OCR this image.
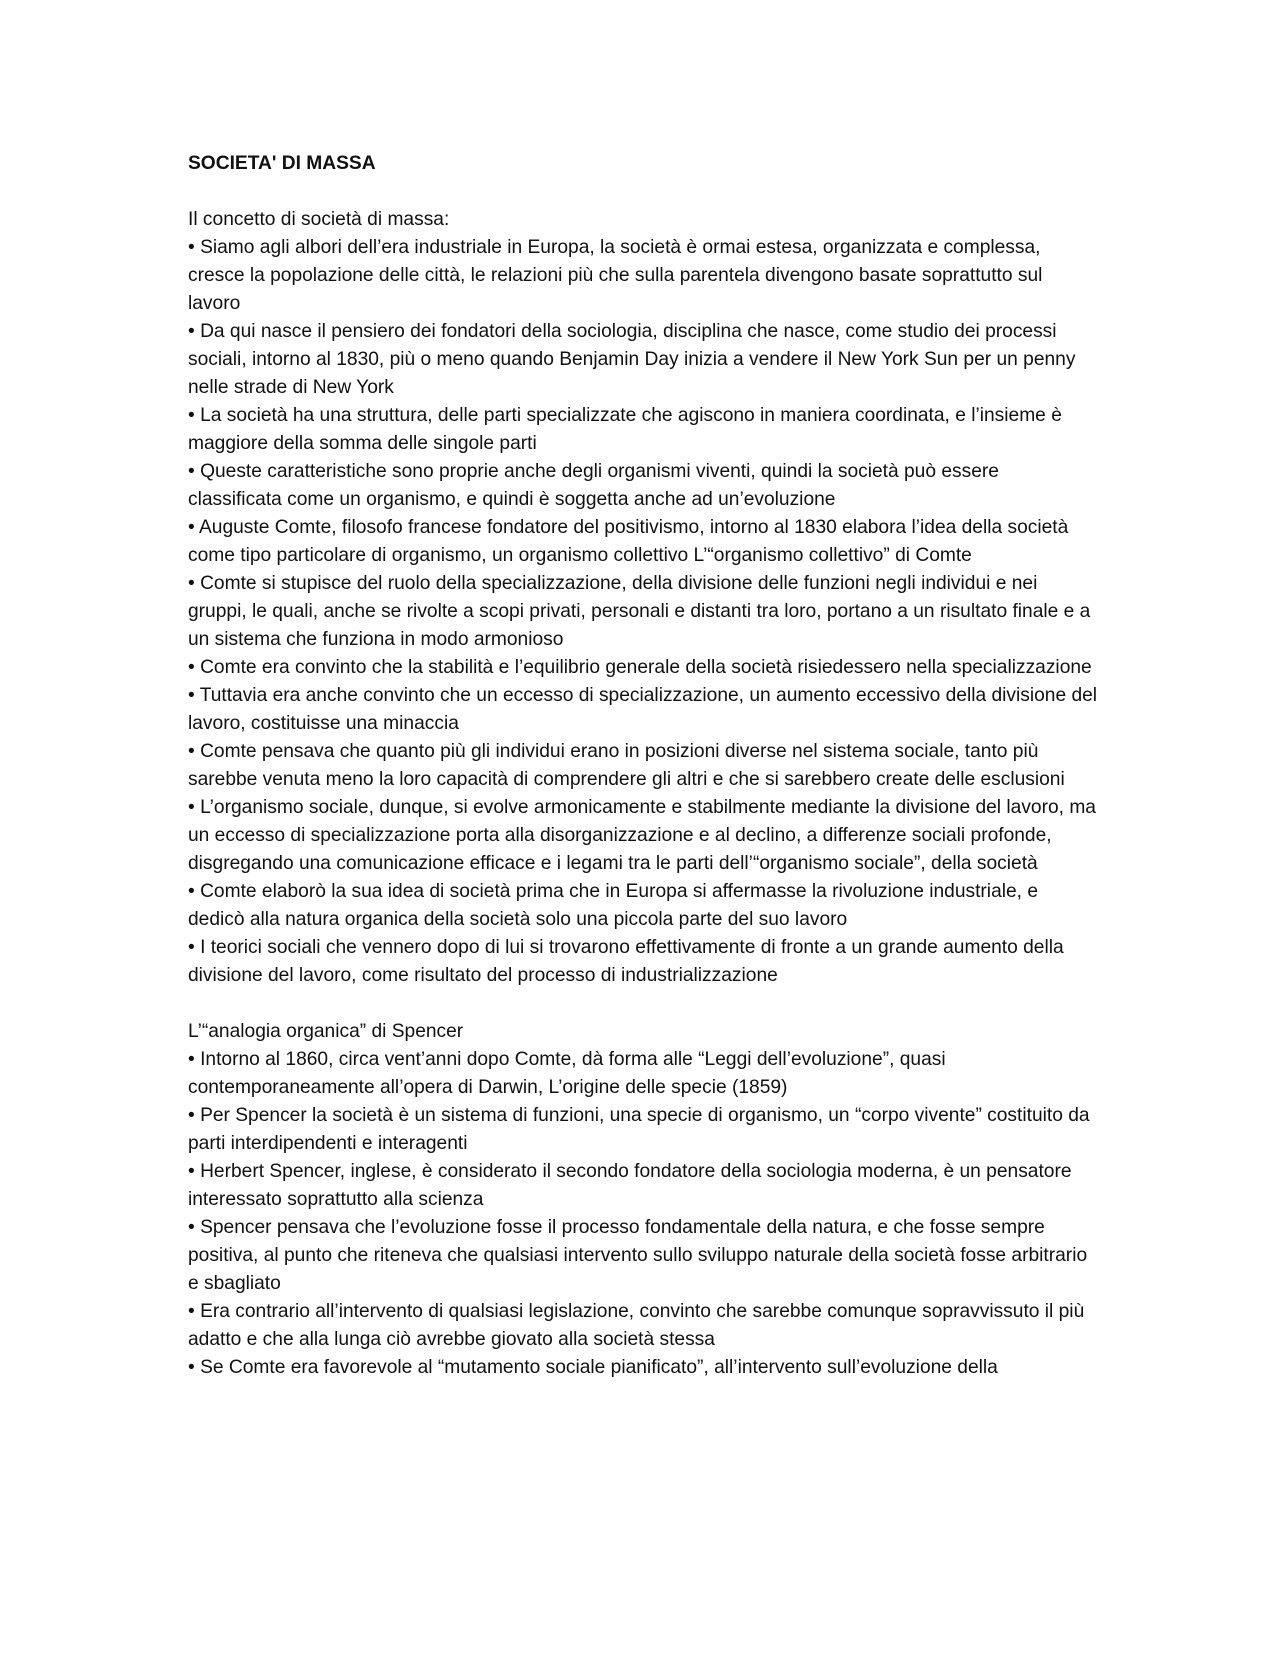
SOCIETA' DI MASSA

Il concetto di società di massa:

• Siamo agli albori dell’era industriale in Europa, la società è ormai estesa, organizzata e complessa, cresce la popolazione delle città, le relazioni più che sulla parentela divengono basate soprattutto sul lavoro

• Da qui nasce il pensiero dei fondatori della sociologia, disciplina che nasce, come studio dei processi sociali, intorno al 1830, più o meno quando Benjamin Day inizia a vendere il New York Sun per un penny nelle strade di New York

• La società ha una struttura, delle parti specializzate che agiscono in maniera coordinata, e l’insieme è maggiore della somma delle singole parti

• Queste caratteristiche sono proprie anche degli organismi viventi, quindi la società può essere classificata come un organismo, e quindi è soggetta anche ad un’evoluzione

• Auguste Comte, filosofo francese fondatore del positivismo, intorno al 1830 elabora l’idea della società come tipo particolare di organismo, un organismo collettivo L’“organismo collettivo” di Comte

• Comte si stupisce del ruolo della specializzazione, della divisione delle funzioni negli individui e nei gruppi, le quali, anche se rivolte a scopi privati, personali e distanti tra loro, portano a un risultato finale e a un sistema che funziona in modo armonioso

• Comte era convinto che la stabilità e l’equilibrio generale della società risiedessero nella specializzazione

• Tuttavia era anche convinto che un eccesso di specializzazione, un aumento eccessivo della divisione del lavoro, costituisse una minaccia

• Comte pensava che quanto più gli individui erano in posizioni diverse nel sistema sociale, tanto più sarebbe venuta meno la loro capacità di comprendere gli altri e che si sarebbero create delle esclusioni

• L’organismo sociale, dunque, si evolve armonicamente e stabilmente mediante la divisione del lavoro, ma un eccesso di specializzazione porta alla disorganizzazione e al declino, a differenze sociali profonde, disgregando una comunicazione efficace e i legami tra le parti dell’“organismo sociale”, della società

• Comte elaborò la sua idea di società prima che in Europa si affermasse la rivoluzione industriale, e dedicò alla natura organica della società solo una piccola parte del suo lavoro

• I teorici sociali che vennero dopo di lui si trovarono effettivamente di fronte a un grande aumento della divisione del lavoro, come risultato del processo di industrializzazione

L’“analogia organica” di Spencer

• Intorno al 1860, circa vent’anni dopo Comte, dà forma alle “Leggi dell’evoluzione”, quasi contemporaneamente all’opera di Darwin, L’origine delle specie (1859)

• Per Spencer la società è un sistema di funzioni, una specie di organismo, un “corpo vivente” costituito da parti interdipendenti e interagenti

• Herbert Spencer, inglese, è considerato il secondo fondatore della sociologia moderna, è un pensatore interessato soprattutto alla scienza

• Spencer pensava che l’evoluzione fosse il processo fondamentale della natura, e che fosse sempre positiva, al punto che riteneva che qualsiasi intervento sullo sviluppo naturale della società fosse arbitrario e sbagliato

• Era contrario all’intervento di qualsiasi legislazione, convinto che sarebbe comunque sopravvissuto il più adatto e che alla lunga ciò avrebbe giovato alla società stessa

• Se Comte era favorevole al “mutamento sociale pianificato”, all’intervento sull’evoluzione della
